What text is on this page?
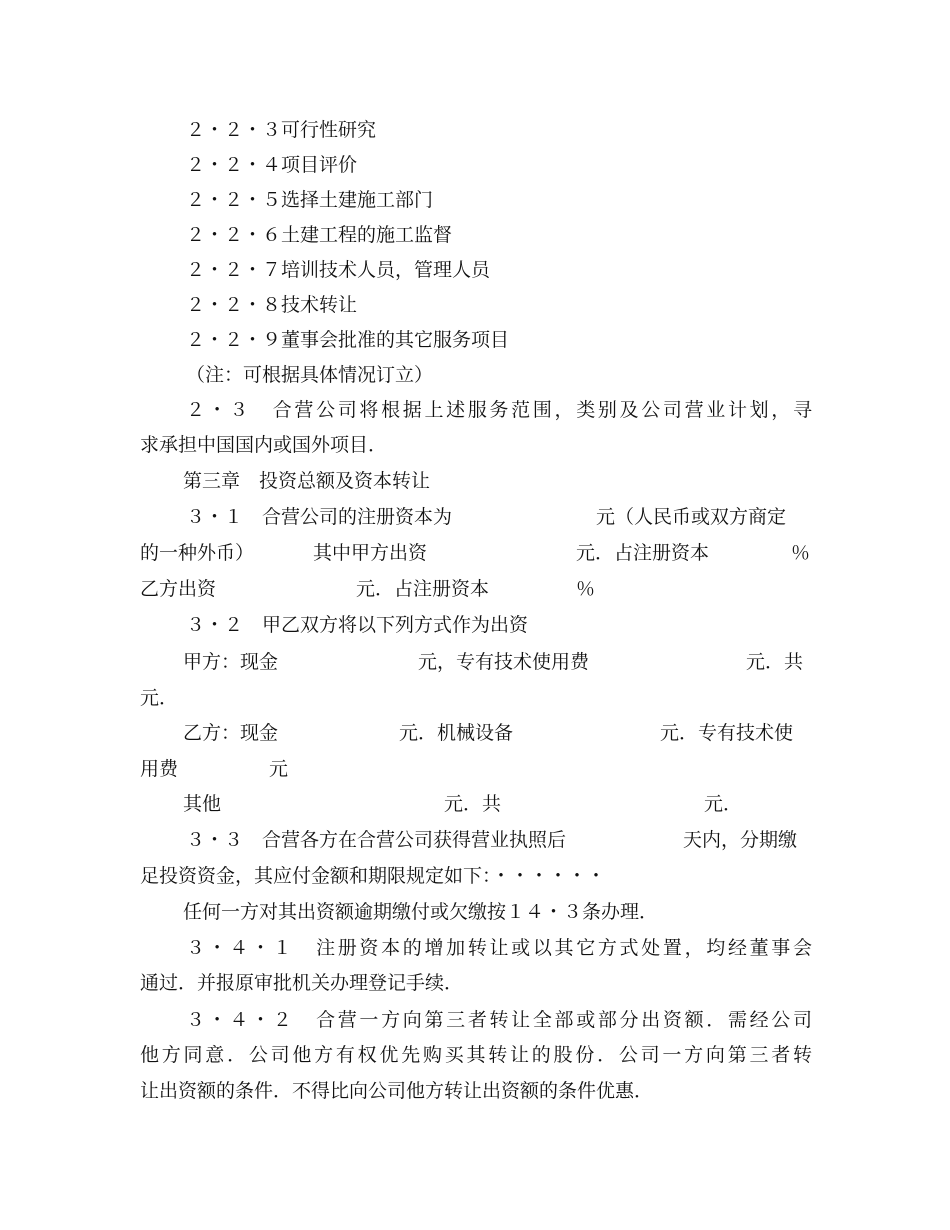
２・２・３可行性研究
２・２・４项目评价
２・２・５选择土建施工部门
２・２・６土建工程的施工监督
２・２・７培训技术人员，管理人员
２・２・８技术转让
２・２・９董事会批准的其它服务项目
（注：可根据具体情况订立）
２・３　合营公司将根据上述服务范围，类别及公司营业计划，寻
求承担中国国内或国外项目．
第三章　投资总额及资本转让
３・１　合营公司的注册资本为	元（人民币或双方商定
的一种外币）	其中甲方出资	元．占注册资本	％
乙方出资	元．占注册资本	％
３・２　甲乙双方将以下列方式作为出资
甲方：现金	元，专有技术使用费	元．共
元．
乙方：现金	元．机械设备	元．专有技术使
用费	元
其他	元．共	元．
３・３　合营各方在合营公司获得营业执照后	天内，分期缴
足投资资金，其应付金额和期限规定如下：・・・・・・
任何一方对其出资额逾期缴付或欠缴按１４・３条办理．
３・４・１　注册资本的增加转让或以其它方式处置，均经董事会
通过．并报原审批机关办理登记手续．
３・４・２　合营一方向第三者转让全部或部分出资额．需经公司
他方同意．公司他方有权优先购买其转让的股份．公司一方向第三者转
让出资额的条件．不得比向公司他方转让出资额的条件优惠．
